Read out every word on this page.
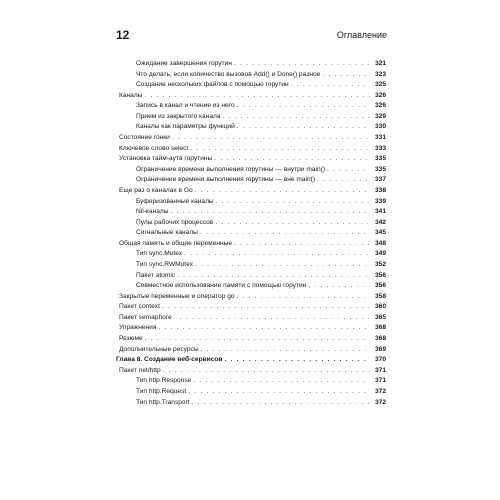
12	Оглавление
Ожидание завершения горутин . . .	321
Что делать, если количество вызовов Add() и Done() разное . . .	323
Создание нескольких файлов с помощью горутин . . .	325
Каналы . . .	326
Запись в канал и чтение из него . . .	326
Прием из закрытого канала . . .	329
Каналы как параметры функций . . .	330
Состояние гонки . . .	331
Ключевое слово select . . .	333
Установка тайм-аута горутины . . .	335
Ограничение времени выполнения горутины — внутри main() . . .	335
Ограничение времени выполнения горутины — вне main() . . .	337
Еще раз о каналах в Go . . .	338
Буферизованные каналы . . .	339
Nil-каналы . . .	341
Пулы рабочих процессов . . .	342
Сигнальные каналы . . .	345
Общая память и общие переменные . . .	348
Тип sync.Mutex . . .	349
Тип sync.RWMutex . . .	352
Пакет atomic . . .	356
Совместное использование памяти с помощью горутин . . .	356
Закрытые переменные и оператор go . . .	358
Пакет context . . .	360
Пакет semaphore . . .	365
Упражнения . . .	368
Резюме . . .	368
Дополнительные ресурсы . . .	369
Глава 8. Создание веб-сервисов . . .	370
Пакет net/http . . .	371
Тип http.Response . . .	371
Тип http.Request . . .	372
Тип http.Transport . . .	372
